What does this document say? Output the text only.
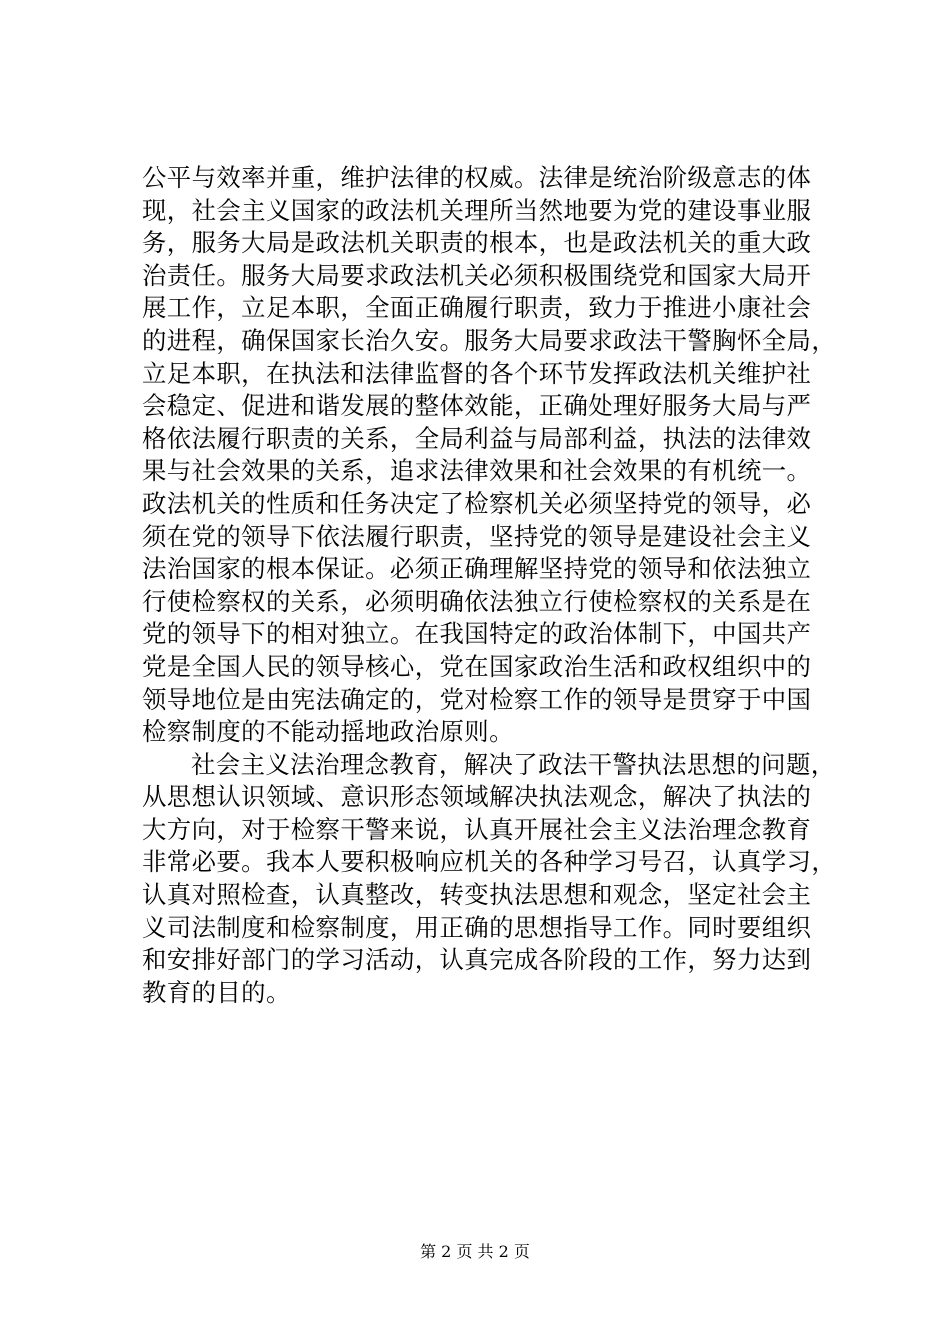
公平与效率并重，维护法律的权威。法律是统治阶级意志的体
现，社会主义国家的政法机关理所当然地要为党的建设事业服
务，服务大局是政法机关职责的根本，也是政法机关的重大政
治责任。服务大局要求政法机关必须积极围绕党和国家大局开
展工作，立足本职，全面正确履行职责，致力于推进小康社会
的进程，确保国家长治久安。服务大局要求政法干警胸怀全局，
立足本职，在执法和法律监督的各个环节发挥政法机关维护社
会稳定、促进和谐发展的整体效能，正确处理好服务大局与严
格依法履行职责的关系，全局利益与局部利益，执法的法律效
果与社会效果的关系，追求法律效果和社会效果的有机统一。
政法机关的性质和任务决定了检察机关必须坚持党的领导，必
须在党的领导下依法履行职责，坚持党的领导是建设社会主义
法治国家的根本保证。必须正确理解坚持党的领导和依法独立
行使检察权的关系，必须明确依法独立行使检察权的关系是在
党的领导下的相对独立。在我国特定的政治体制下，中国共产
党是全国人民的领导核心，党在国家政治生活和政权组织中的
领导地位是由宪法确定的，党对检察工作的领导是贯穿于中国
检察制度的不能动摇地政治原则。
社会主义法治理念教育，解决了政法干警执法思想的问题，
从思想认识领域、意识形态领域解决执法观念，解决了执法的
大方向，对于检察干警来说，认真开展社会主义法治理念教育
非常必要。我本人要积极响应机关的各种学习号召，认真学习，
认真对照检查，认真整改，转变执法思想和观念，坚定社会主
义司法制度和检察制度，用正确的思想指导工作。同时要组织
和安排好部门的学习活动，认真完成各阶段的工作，努力达到
教育的目的。
第 2 页 共 2 页
